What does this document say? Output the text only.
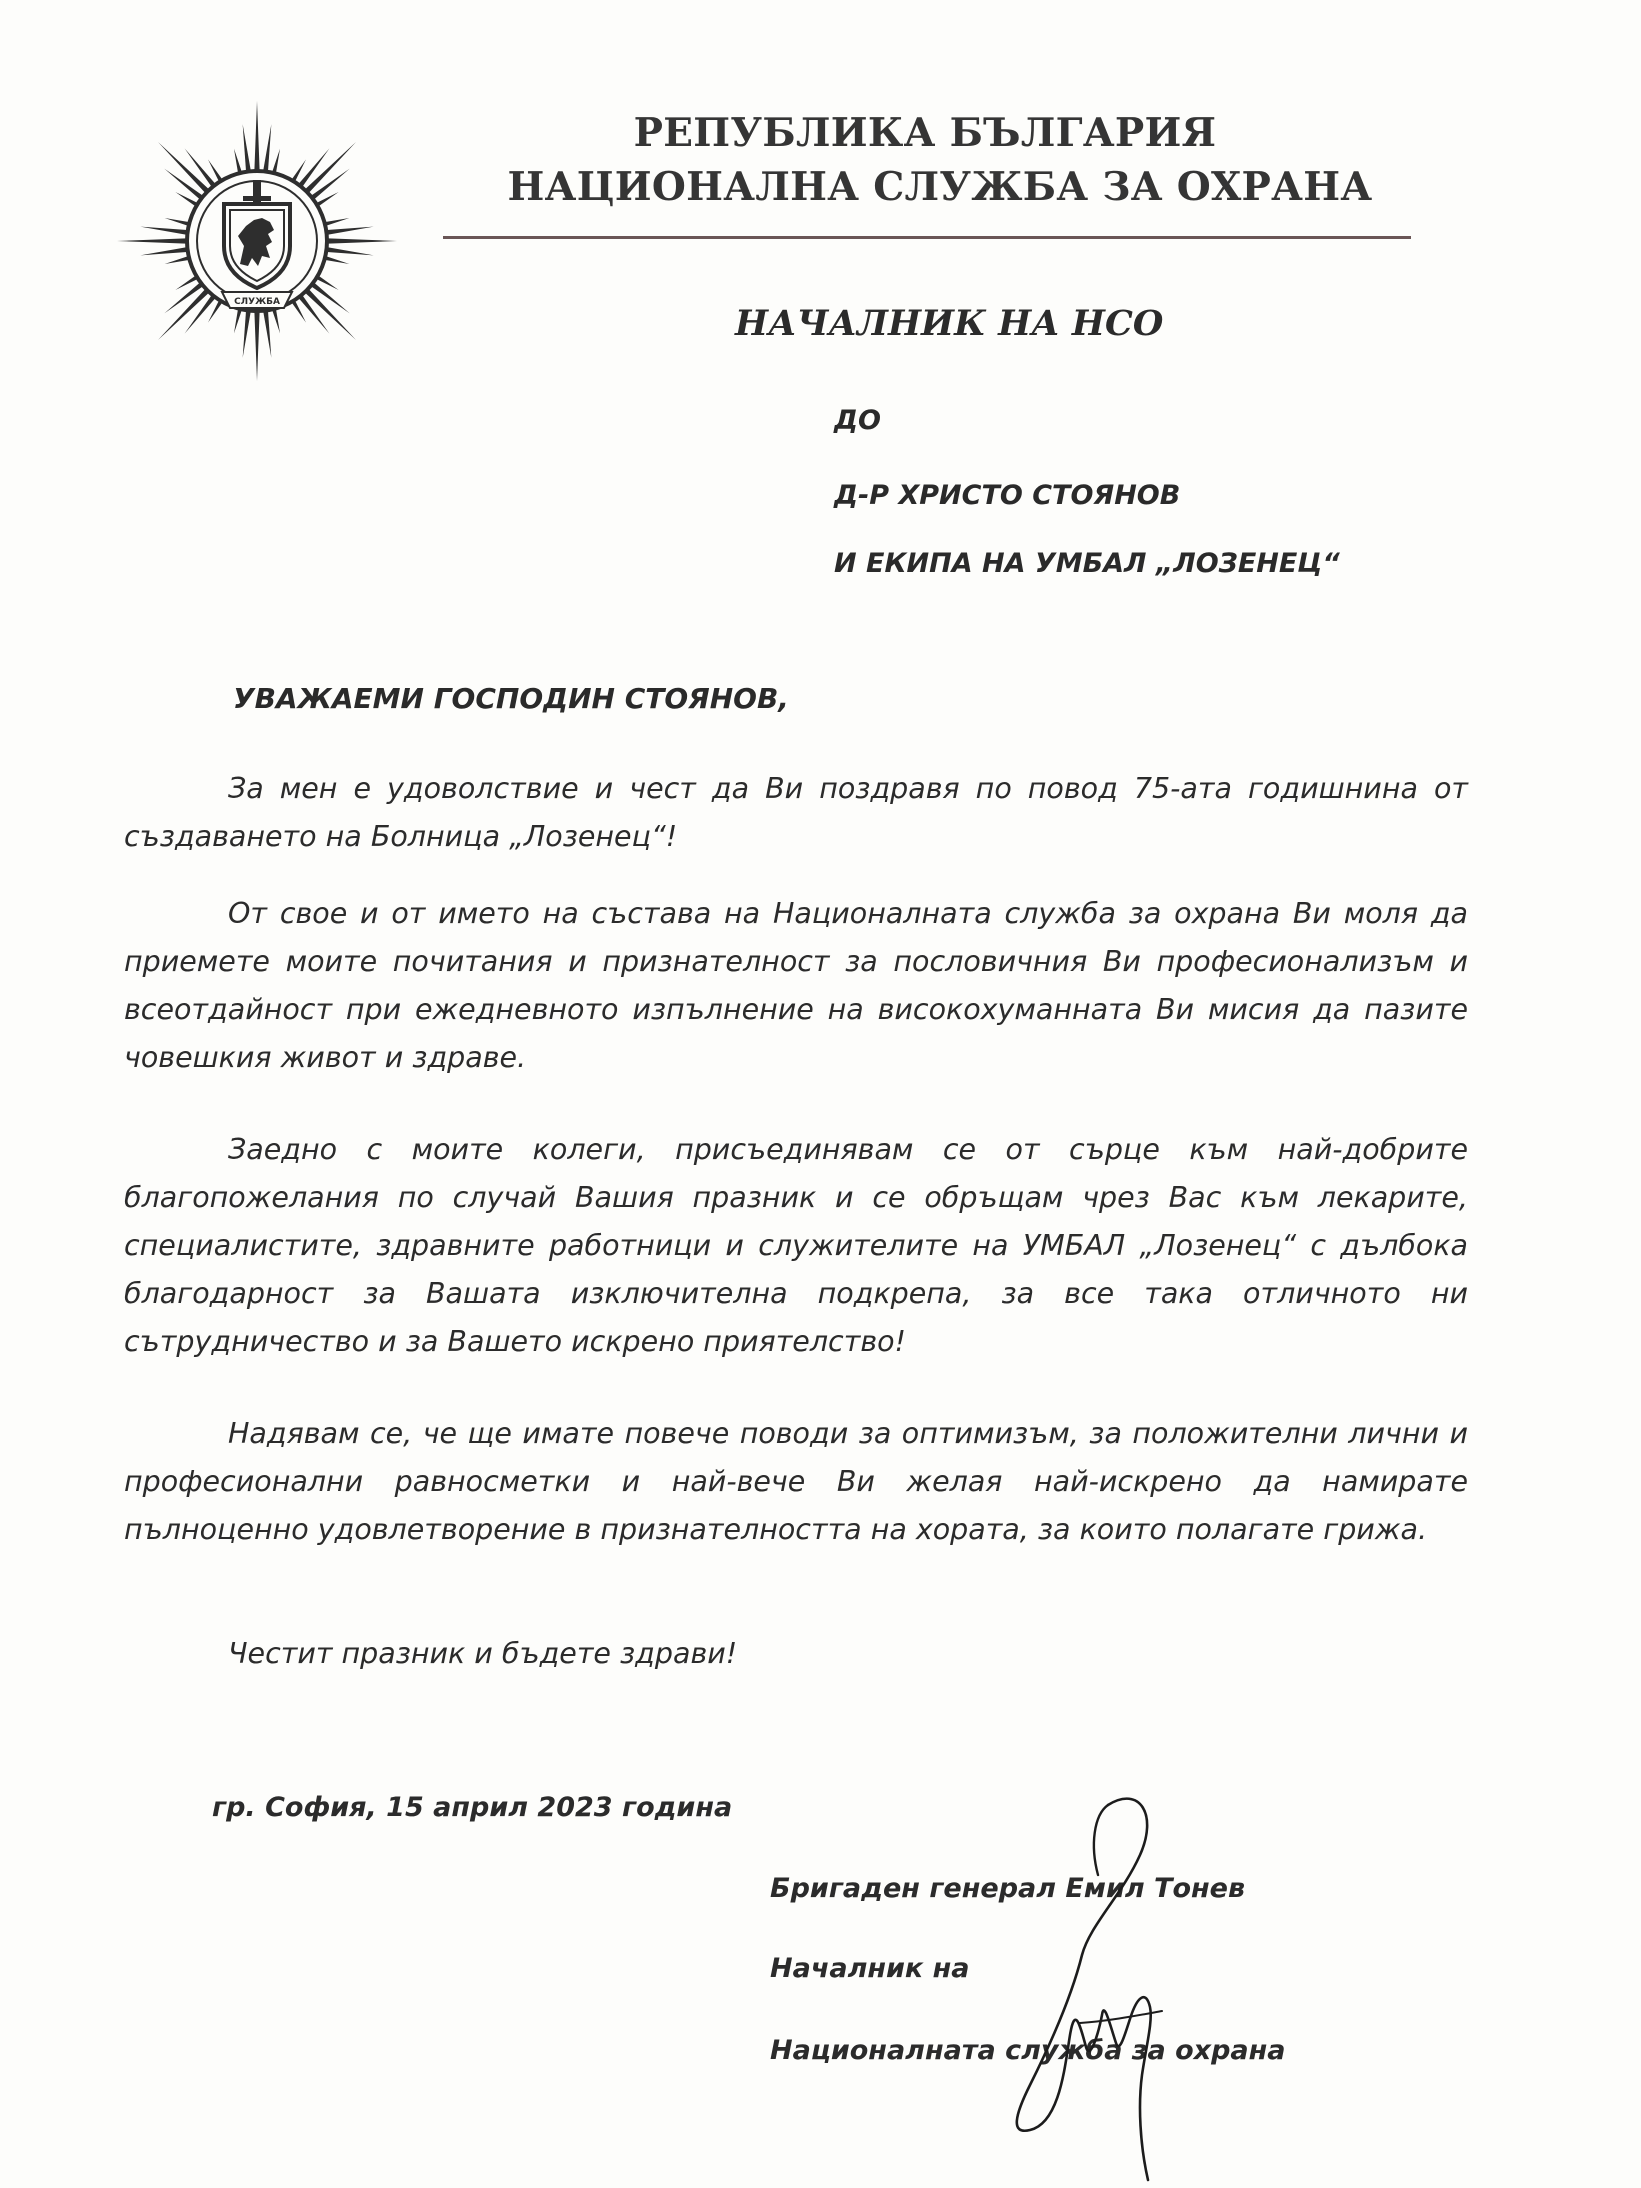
СЛУЖБА
РЕПУБЛИКА БЪЛГАРИЯ
НАЦИОНАЛНА СЛУЖБА ЗА ОХРАНА
НАЧАЛНИК НА НСО
ДО
Д-Р ХРИСТО СТОЯНОВ
И ЕКИПА НА УМБАЛ „ЛОЗЕНЕЦ“
УВАЖАЕМИ ГОСПОДИН СТОЯНОВ,

За мен е удоволствие и чест да Ви поздравя по повод 75-ата годишнина от създаването на Болница „Лозенец“!

От свое и от името на състава на Националната служба за охрана Ви моля да приемете моите почитания и признателност за пословичния Ви професионализъм и всеотдайност при ежедневното изпълнение на високохуманната Ви мисия да пазите човешкия живот и здраве.

Заедно с моите колеги, присъединявам се от сърце към най-добрите благопожелания по случай Вашия празник и се обръщам чрез Вас към лекарите, специалистите, здравните работници и служителите на УМБАЛ „Лозенец“ с дълбока благодарност за Вашата изключителна подкрепа, за все така отличното ни сътрудничество и за Вашето искрено приятелство!

Надявам се, че ще имате повече поводи за оптимизъм, за положителни лични и професионални равносметки и най-вече Ви желая най-искрено да намирате пълноценно удовлетворение в признателността на хората, за които полагате грижа.

Честит празник и бъдете здрави!

гр. София, 15 април 2023 година
Бригаден генерал Емил Тонев
Началник на
Националната служба за охрана
